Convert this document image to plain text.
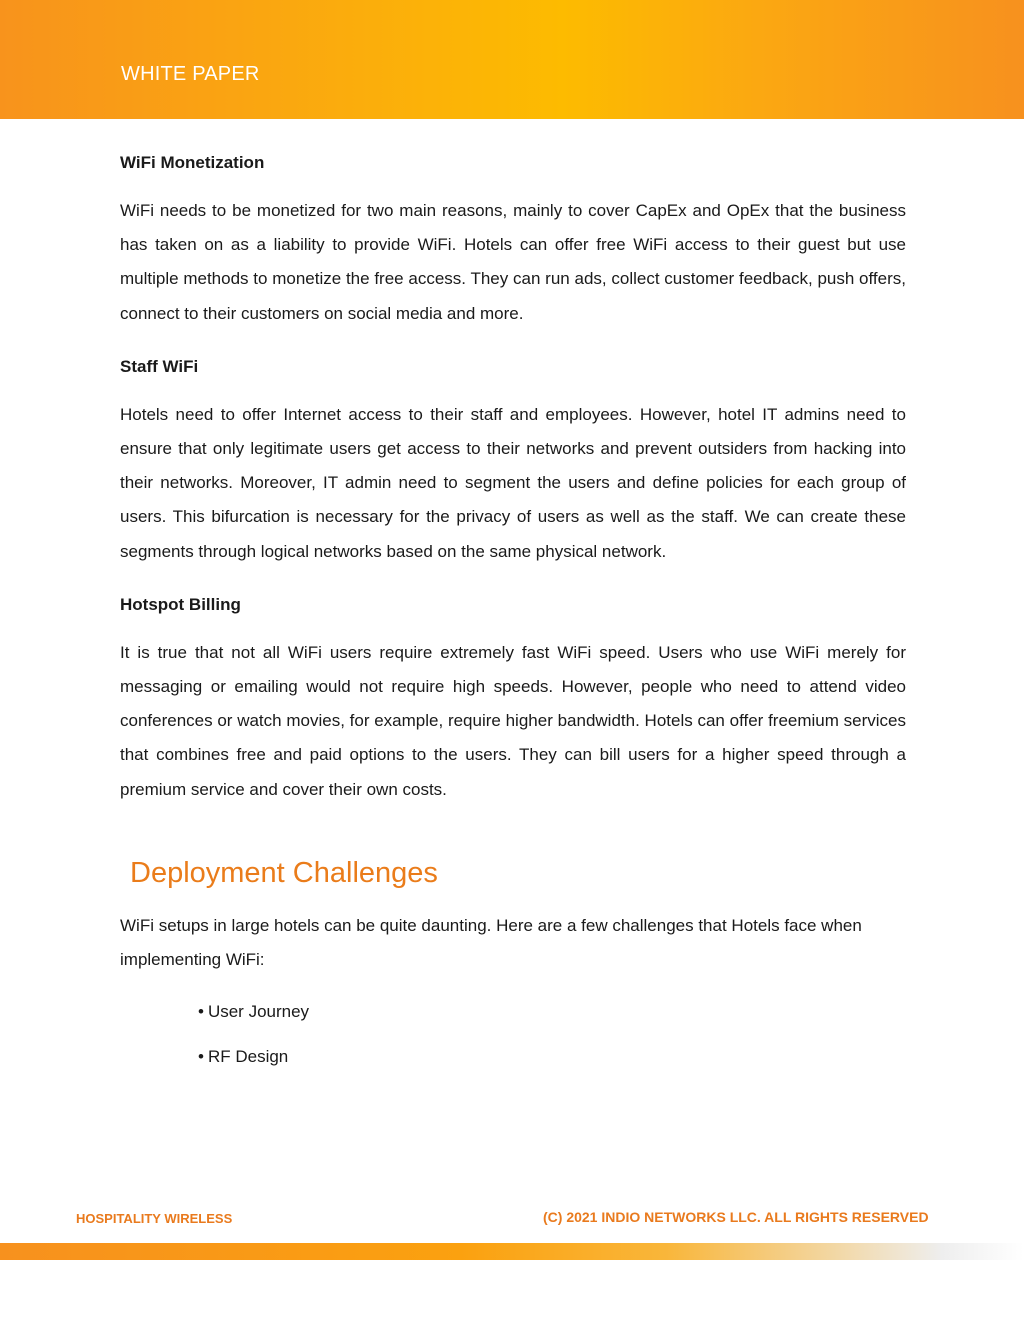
WHITE PAPER
WiFi Monetization

WiFi needs to be monetized for two main reasons, mainly to cover CapEx and OpEx that the business has taken on as a liability to provide WiFi. Hotels can offer free WiFi access to their guest but use multiple methods to monetize the free access. They can run ads, collect customer feedback, push offers, connect to their customers on social media and more.

Staff WiFi

Hotels need to offer Internet access to their staff and employees. However, hotel IT admins need to ensure that only legitimate users get access to their networks and prevent outsiders from hacking into their networks. Moreover, IT admin need to segment the users and define policies for each group of users. This bifurcation is necessary for the privacy of users as well as the staff. We can create these segments through logical networks based on the same physical network.

Hotspot Billing

It is true that not all WiFi users require extremely fast WiFi speed. Users who use WiFi merely for messaging or emailing would not require high speeds. However, people who need to attend video conferences or watch movies, for example, require higher bandwidth. Hotels can offer freemium services that combines free and paid options to the users. They can bill users for a higher speed through a premium service and cover their own costs.

Deployment Challenges

WiFi setups in large hotels can be quite daunting. Here are a few challenges that Hotels face when implementing WiFi:

• User Journey
• RF Design
HOSPITALITY WIRELESS	(C) 2021 INDIO NETWORKS LLC. ALL RIGHTS RESERVED
